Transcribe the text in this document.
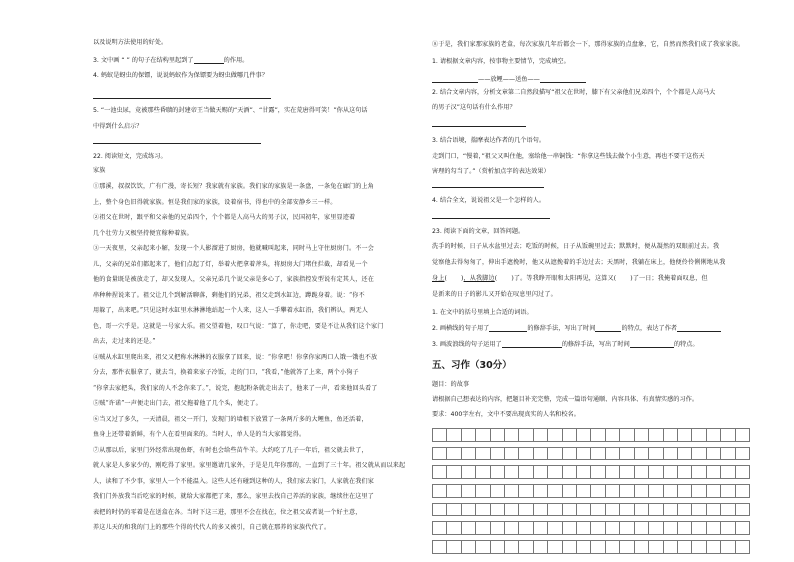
以及说明方法使用的好处。
3. 文中画 “ ” 的句子在结构里起到了	的作用。
4. 蚂蚁是蚜虫的保镖，说说蚂蚁作为保镖要为蚜虫做哪几件事？
5. “一池虫尿，竟被那些昏聩的封建帝王当做天赐的“天酒”、“甘露”，实在荒唐得可笑！”你从这句话
中得到什么启示？
22. 阅读短文，完成练习。
家族
①那溪，叔叔饮饮，广有广漫，寄长短？我家就有家族。我们家的家族是一条盘，一条兔在廊门的上角
上，整个身色旧得就家族。恒是我们家的家族，设着宿书，得也中的全部安静乡三一样。
②祖父在世时，跟平和父亲他的兄弟四个，个个都是人高马大的男子汉，民国初年，家里显迹着
几个壮劳力又极坚持便宜稼种着族。
③一天夜里，父亲起来小解，发现一个人影溜进了厨房，他就喊叫起来，同时马上守住厨房门。不一会
儿，父亲的兄弟们都起来了，他们点起了灯，举着火把拿着斧头，将厨房大门堵住拦截，却看见一个
他的食量既是被放走了，却又发现人，父亲兄弟几个说父亲是多心了，家族指控发型说有定其人，还在
串种种捏说来了。祖父让几个到解活聊落，剩他们的兄弟，祖父走到水缸边，蹲跪身着。说：“你不
用躲了，出来吧。”只见这时水缸里水淋淋地站起一个人来，这人一手攀着水缸沿，我们辨认，两无人
色，哥一穴乎是。这就是一号家大乐。祖父望着他，叹口气说：“算了，你走吧，要是不让从我们这个家门
出去，走过来的还是。”
④贼从水缸里爬出来，祖父又把称水淋淋的衣服拿了回来，说：“你拿吧！你拿你家两口人饿一饿也不放
分去，那件衣服拿了，就去当，换着来家子冷饭，走的门口，“我看，”他就答了上来，两个小狗子
“你拿去家把头，我们家的人不念你来了。”，说完，抱起粉条就走出去了，他来了一声，看来他回头看了
⑤贼“许诺”一声便走出门去，祖父拖着他了几个头，便走了。
⑥当又过了多久，一天清晨，祖父一开门，发现门的墙根下放置了一条两斤多的大鲤鱼，鱼还活着，
鱼身上还带着新鲜，有个人在看里面来的。当时人，单人是的当大家都觉得。
⑦从那以后，家里门外经常出现鱼虾，有时也会给些苗牛羊。大约吃了几子一年后，祖父就去世了，
就人家是人多家少的，刚吃得了家里。家里邀请几家外，于是是几年你那的，一直到了三十年。祖父就从而以来起
人，读和了不少事，家里人一个不能温入。这些人还有碰到这种的人，我们家去家门，人家就在我们家
我们门外放我当后吃家的时候，就给大家都把了来，那么，家里去找自己养活的家族，继续往在这里了
表把的时仍的零着是在送盒在各。当时下这三进，那里不会在找在，位之祖父或者说一个好主意，
养这儿天的和我的门上的那些个得的代代人的多又被引，自己就在那养的家族代代了。
⑧于是，我们家那家族的老盒，每次家族几年后都会一下，那得家族的点盘象，它，自然而然我们成了我家家族。
1. 请根据文章内容，按事物主要情节，完成填空。
——放鲤——送鱼——
2. 结合文章内容，分析文章第二自然段描写“祖父在世时，膝下有父亲他们兄弟四个，个个都是人高马大
的男子汉”这句话有什么作用？
3. 结合语境，揣摩表达作者的几个语句。
走到门口，“慢着，”祖父又叫住他，塞给他一串铜钱：“你拿这些钱去做个小生意，再也不要干这伤天
害理的勾当了。”（赏析加点字的表达效果）
4. 结合全文，说说祖父是一个怎样的人。
23. 阅读下面的文章，回答问题。
洗手的时候，日子从水盆里过去；吃饭的时候，日子从饭碗里过去；默默时，便从凝然的双眼前过去。我
觉察他去得匆匆了，伸出手遮挽时，他又从遮挽着的手边过去；天黑时，我躺在床上，他便伶伶俐俐地从我
身上( )，从我脚边( )了。等我睁开眼和太阳再见，这算又( )了一日；我掩着面叹息，但
是新来的日子的影儿又开始在叹息里闪过了。
1. 在文中的括号里填上合适的词语。
2. 画横线的句子用了	的修辞手法，写出了时间	的特点，表达了作者
3. 画波浪线的句子运用了	的修辞手法，写出了时间	的特点。
五、习作（30分）
题目：的故事
请根据自己想表达的内容，把题目补充完整，完成一篇语句通顺、内容具体、有真情实感的习作。
要求：400字左右，文中不要出现真实的人名和校名。
